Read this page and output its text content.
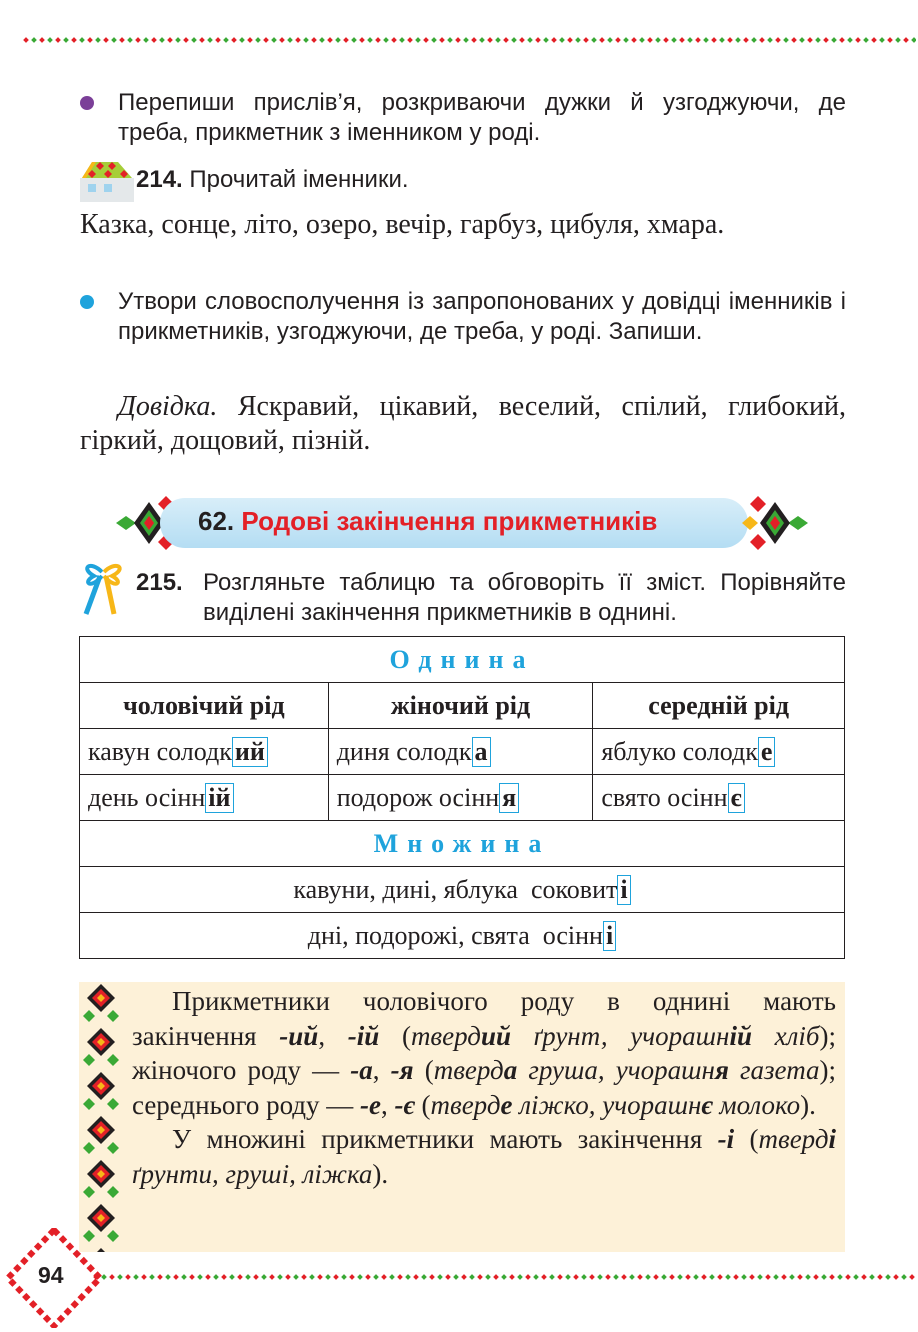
Перепиши прислів’я, розкриваючи дужки й узгоджуючи, де треба, прикметник з іменником у роді.
214. Прочитай іменники.
Казка, сонце, літо, озеро, вечір, гарбуз, цибуля, хмара.
Утвори словосполучення із запропонованих у довідці іменників і прикметників, узгоджуючи, де треба, у роді. Запиши.
Довідка. Яскравий, цікавий, веселий, спілий, глибокий, гіркий, дощовий, пізній.
62. Родові закінчення прикметників
215. Розгляньте таблицю та обговоріть її зміст. Порівняйте виділені закінчення прикметників в однині.
Однина		
чоловічий рід	жіночий рід	середній рід
кавун солодк ий	диня солодк а	яблуко солодк е
день осінн ій	подорож осінн я	свято осінн є
Множина		
кавуни, дині, яблука  соковит і		
дні, подорожі, свята  осінн і		

Прикметники чоловічого роду в однині мають закінчення -ий, -ій (твердий ґрунт, учорашній хліб); жіночого роду — -а, -я (тверда груша, учорашня газета); середнього роду — -е, -є (тверде ліжко, учорашнє молоко).

У множині прикметники мають закінчення -і (тверді ґрунти, груші, ліжка).

94
